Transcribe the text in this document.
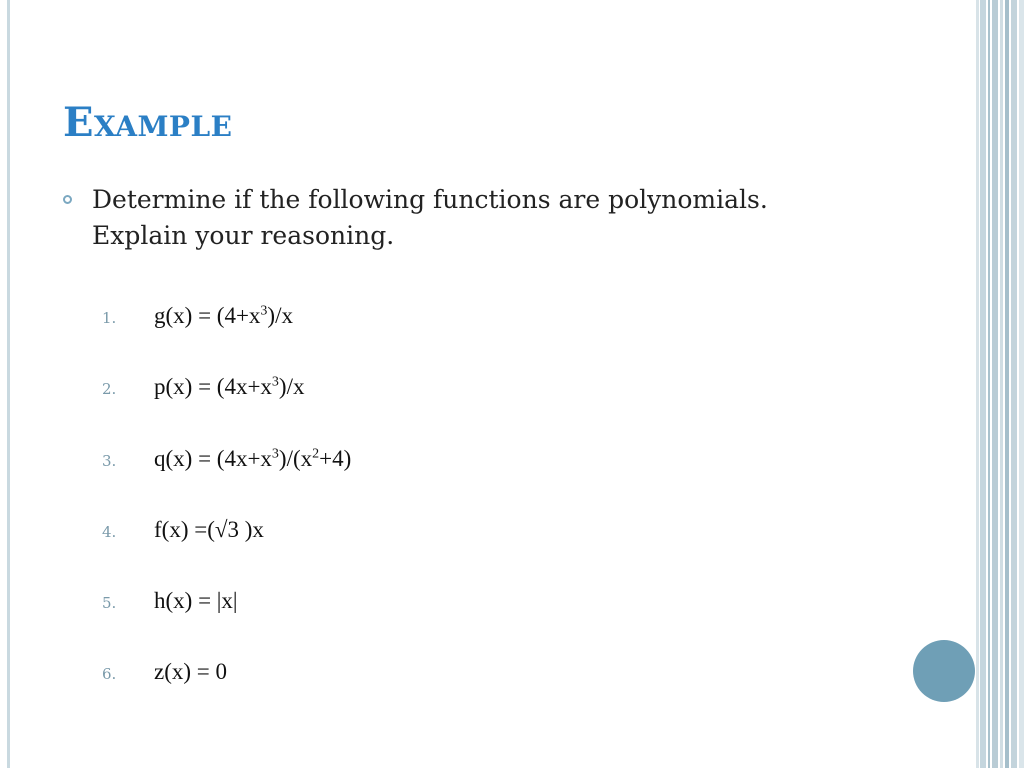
Example
Determine if the following functions are polynomials.
Explain your reasoning.
1. $g(x) = (4+x^3)/x$
2. $p(x) = (4x+x^3)/x$
3. $q(x) = (4x+x^3)/(x^2+4)$
4. f(x) =(√3 )x
5. h(x) = |x|
6. z(x) = 0
